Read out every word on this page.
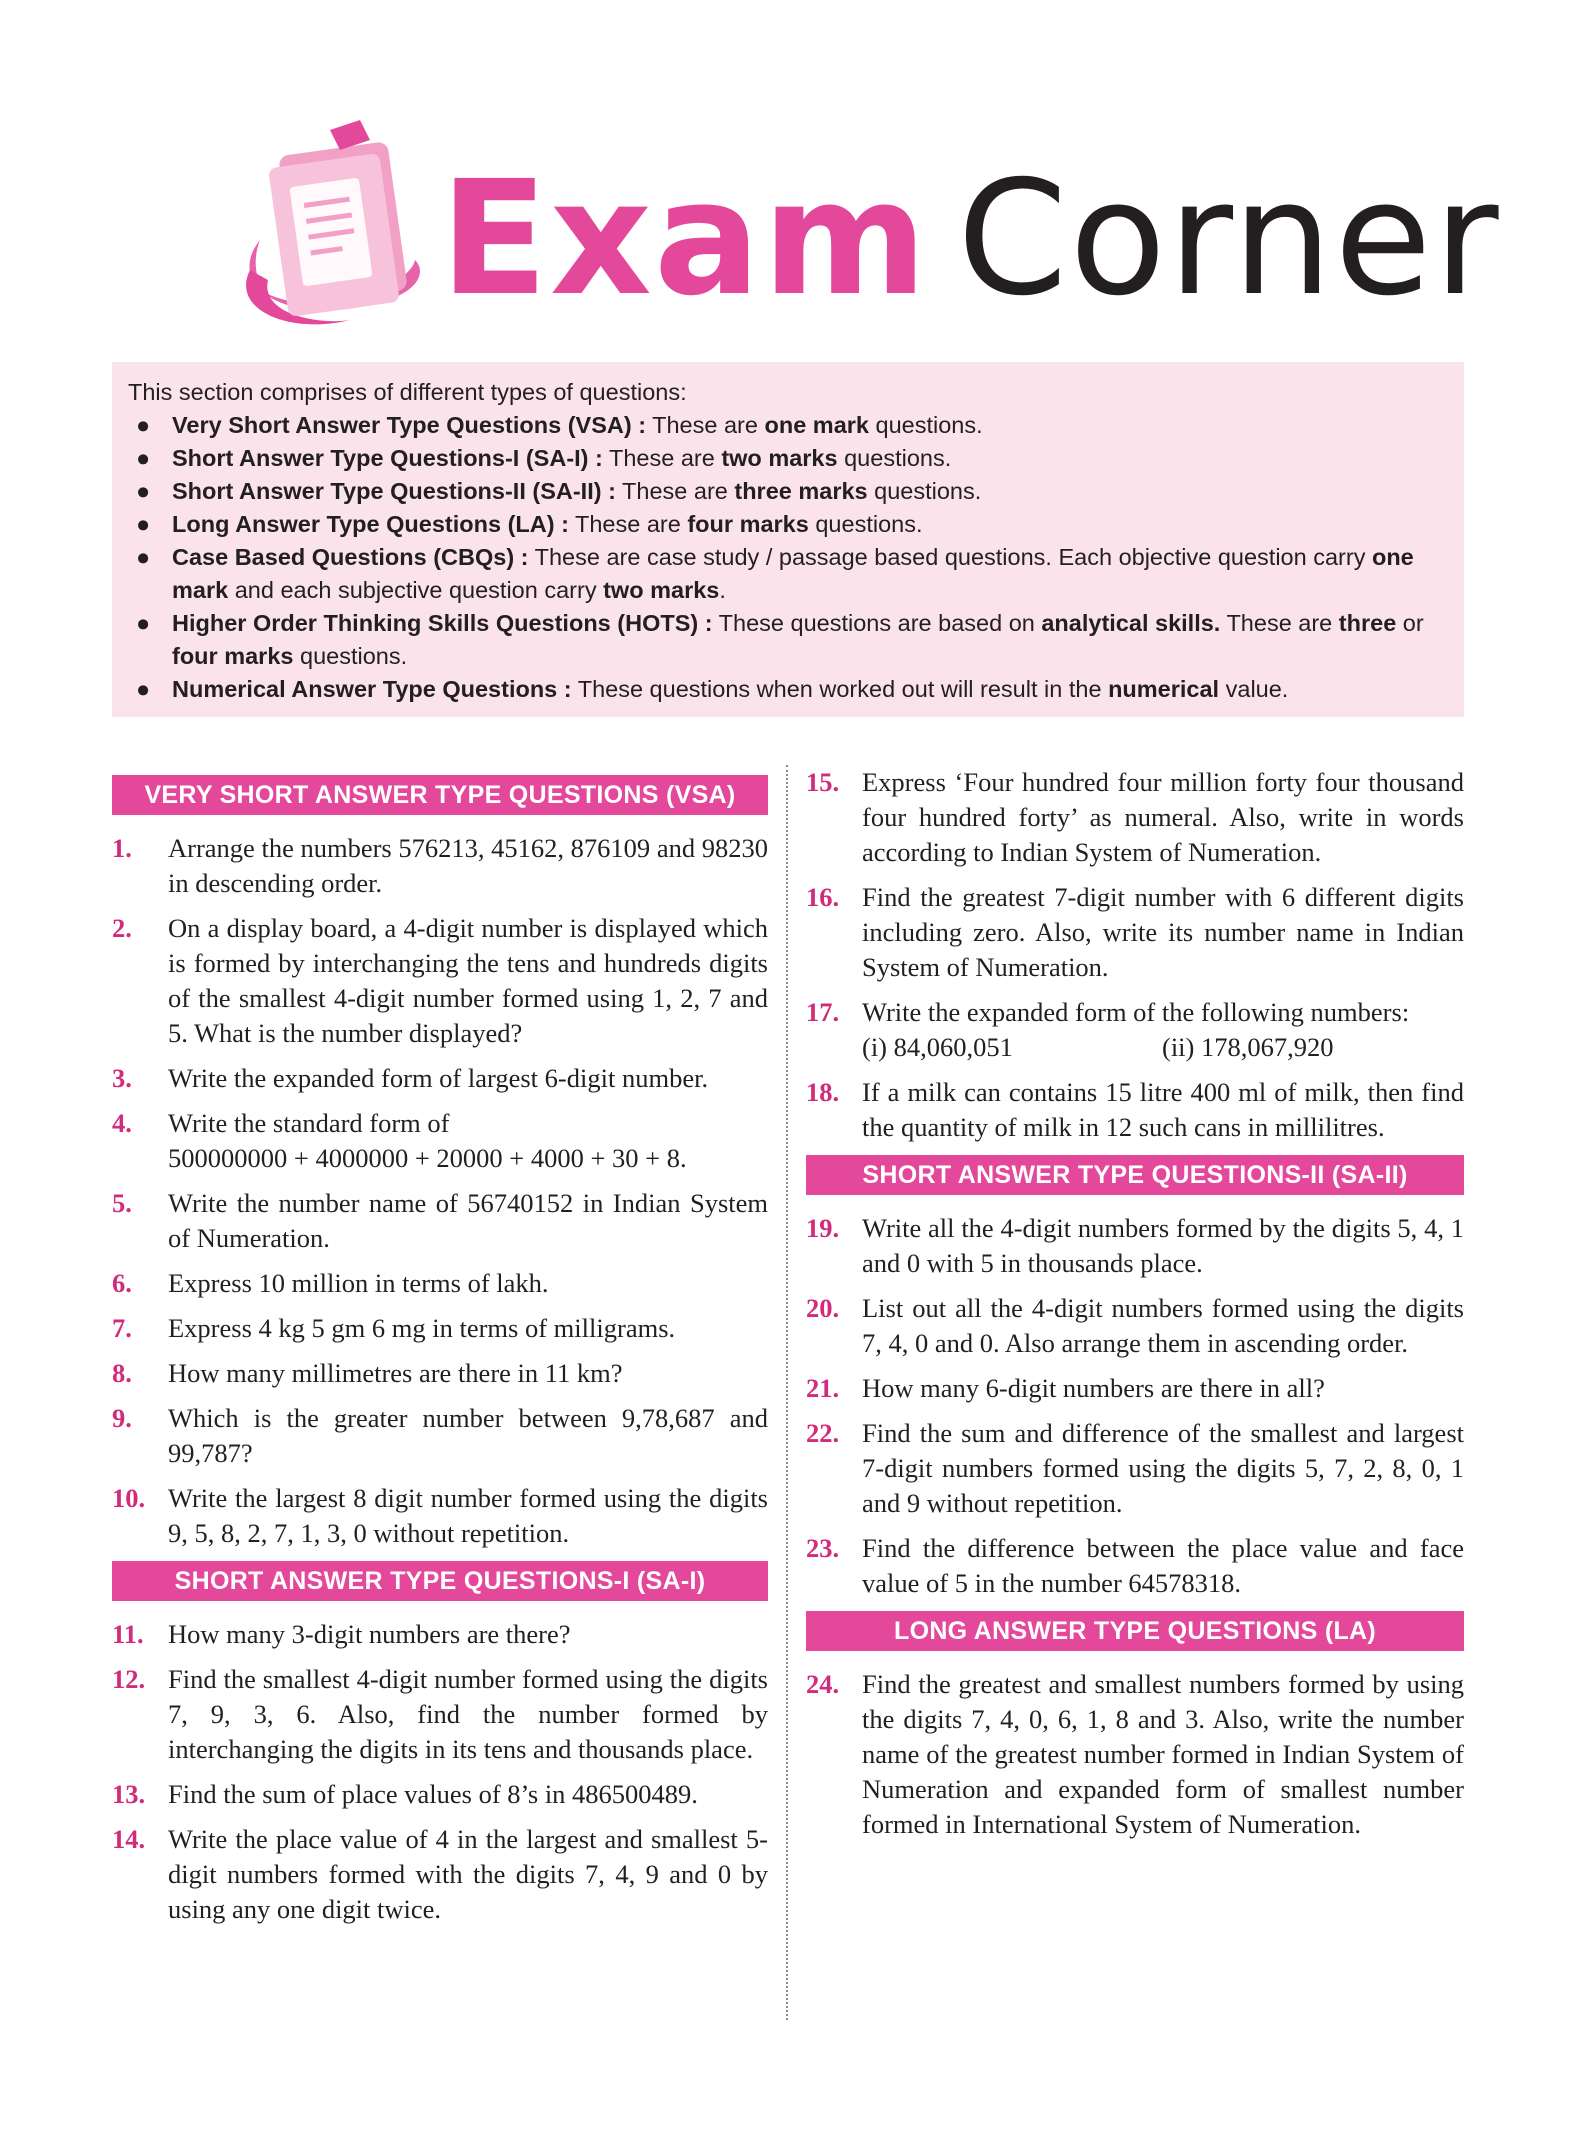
Exam Corner

This section comprises of different types of questions:

● Very Short Answer Type Questions (VSA) : These are one mark questions.
● Short Answer Type Questions-I (SA-I) : These are two marks questions.
● Short Answer Type Questions-II (SA-II) : These are three marks questions.
● Long Answer Type Questions (LA) : These are four marks questions.
● Case Based Questions (CBQs) : These are case study / passage based questions. Each objective question carry one mark and each subjective question carry two marks.
● Higher Order Thinking Skills Questions (HOTS) : These questions are based on analytical skills. These are three or four marks questions.
● Numerical Answer Type Questions : These questions when worked out will result in the numerical value.
VERY SHORT ANSWER TYPE QUESTIONS (VSA)
1.	Arrange the numbers 576213, 45162, 876109 and 98230 in descending order.
2.	On a display board, a 4-digit number is displayed which is formed by interchanging the tens and hundreds digits of the smallest 4-digit number formed using 1, 2, 7 and 5. What is the number displayed?
3.	Write the expanded form of largest 6-digit number.
4.	Write the standard form of
500000000 + 4000000 + 20000 + 4000 + 30 + 8.
5.	Write the number name of 56740152 in Indian System of Numeration.
6.	Express 10 million in terms of lakh.
7.	Express 4 kg 5 gm 6 mg in terms of milligrams.
8.	How many millimetres are there in 11 km?
9.	Which is the greater number between 9,78,687 and 99,787?
10. Write the largest 8 digit number formed using the digits 9, 5, 8, 2, 7, 1, 3, 0 without repetition.
SHORT ANSWER TYPE QUESTIONS-I (SA-I)
11. How many 3-digit numbers are there?
12. Find the smallest 4-digit number formed using the digits 7, 9, 3, 6. Also, find the number formed by interchanging the digits in its tens and thousands place.
13. Find the sum of place values of 8’s in 486500489.
14. Write the place value of 4 in the largest and smallest 5-digit numbers formed with the digits 7, 4, 9 and 0 by using any one digit twice.
15. Express ‘Four hundred four million forty four thousand four hundred forty’ as numeral. Also, write in words according to Indian System of Numeration.
16. Find the greatest 7-digit number with 6 different digits including zero. Also, write its number name in Indian System of Numeration.
17. Write the expanded form of the following numbers:
(i) 84,060,051	(ii) 178,067,920
18. If a milk can contains 15 litre 400 ml of milk, then find the quantity of milk in 12 such cans in millilitres.
SHORT ANSWER TYPE QUESTIONS-II (SA-II)
19. Write all the 4-digit numbers formed by the digits 5, 4, 1 and 0 with 5 in thousands place.
20. List out all the 4-digit numbers formed using the digits 7, 4, 0 and 0. Also arrange them in ascending order.
21. How many 6-digit numbers are there in all?
22. Find the sum and difference of the smallest and largest 7-digit numbers formed using the digits 5, 7, 2, 8, 0, 1 and 9 without repetition.
23. Find the difference between the place value and face value of 5 in the number 64578318.
LONG ANSWER TYPE QUESTIONS (LA)
24. Find the greatest and smallest numbers formed by using the digits 7, 4, 0, 6, 1, 8 and 3. Also, write the number name of the greatest number formed in Indian System of Numeration and expanded form of smallest number formed in International System of Numeration.
